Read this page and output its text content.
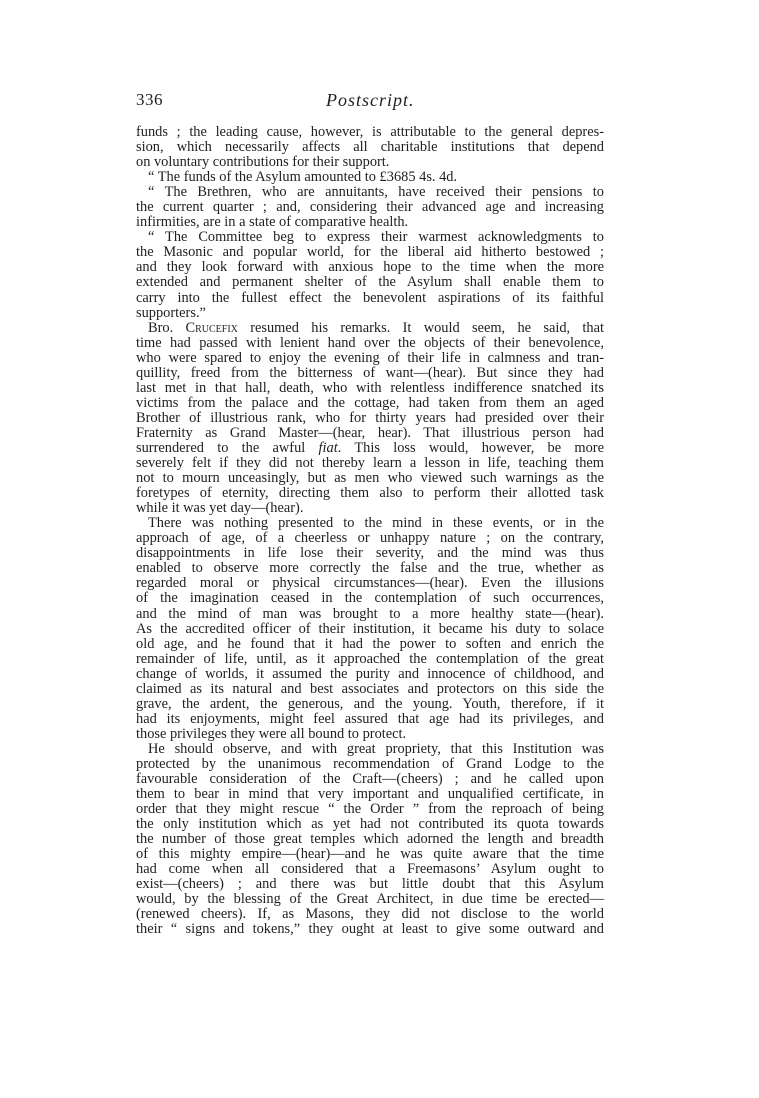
336	Postscript.
funds ; the leading cause, however, is attributable to the general depres-
sion, which necessarily affects all charitable institutions that depend
on voluntary contributions for their support.
“ The funds of the Asylum amounted to £3685 4s. 4d.
“ The Brethren, who are annuitants, have received their pensions to
the current quarter ; and, considering their advanced age and increasing
infirmities, are in a state of comparative health.
“ The Committee beg to express their warmest acknowledgments to
the Masonic and popular world, for the liberal aid hitherto bestowed ;
and they look forward with anxious hope to the time when the more
extended and permanent shelter of the Asylum shall enable them to
carry into the fullest effect the benevolent aspirations of its faithful
supporters.”
Bro. Crucefix resumed his remarks. It would seem, he said, that
time had passed with lenient hand over the objects of their benevolence,
who were spared to enjoy the evening of their life in calmness and tran-
quillity, freed from the bitterness of want—(hear). But since they had
last met in that hall, death, who with relentless indifference snatched its
victims from the palace and the cottage, had taken from them an aged
Brother of illustrious rank, who for thirty years had presided over their
Fraternity as Grand Master—(hear, hear). That illustrious person had
surrendered to the awful fiat. This loss would, however, be more
severely felt if they did not thereby learn a lesson in life, teaching them
not to mourn unceasingly, but as men who viewed such warnings as the
foretypes of eternity, directing them also to perform their allotted task
while it was yet day—(hear).
There was nothing presented to the mind in these events, or in the
approach of age, of a cheerless or unhappy nature ; on the contrary,
disappointments in life lose their severity, and the mind was thus
enabled to observe more correctly the false and the true, whether as
regarded moral or physical circumstances—(hear). Even the illusions
of the imagination ceased in the contemplation of such occurrences,
and the mind of man was brought to a more healthy state—(hear).
As the accredited officer of their institution, it became his duty to solace
old age, and he found that it had the power to soften and enrich the
remainder of life, until, as it approached the contemplation of the great
change of worlds, it assumed the purity and innocence of childhood, and
claimed as its natural and best associates and protectors on this side the
grave, the ardent, the generous, and the young. Youth, therefore, if it
had its enjoyments, might feel assured that age had its privileges, and
those privileges they were all bound to protect.
He should observe, and with great propriety, that this Institution was
protected by the unanimous recommendation of Grand Lodge to the
favourable consideration of the Craft—(cheers) ; and he called upon
them to bear in mind that very important and unqualified certificate, in
order that they might rescue “ the Order ” from the reproach of being
the only institution which as yet had not contributed its quota towards
the number of those great temples which adorned the length and breadth
of this mighty empire—(hear)—and he was quite aware that the time
had come when all considered that a Freemasons’ Asylum ought to
exist—(cheers) ; and there was but little doubt that this Asylum
would, by the blessing of the Great Architect, in due time be erected—
(renewed cheers). If, as Masons, they did not disclose to the world
their “ signs and tokens,” they ought at least to give some outward and
